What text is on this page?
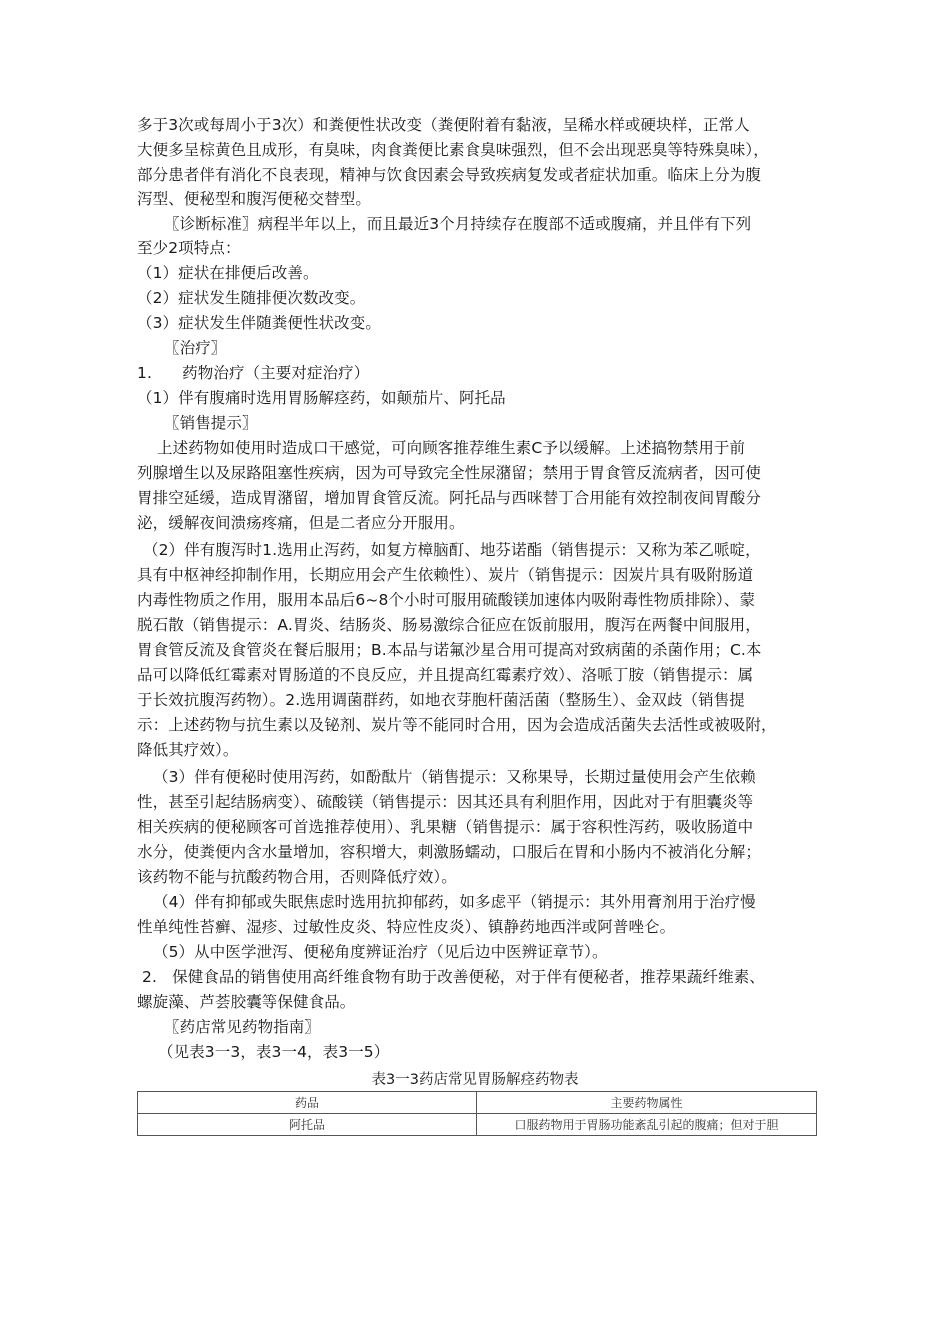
多于3次或每周小于3次）和粪便性状改变（粪便附着有黏液，呈稀水样或硬块样，正常人
大便多呈棕黄色且成形，有臭味，肉食粪便比素食臭味强烈，但不会出现恶臭等特殊臭味），
部分患者伴有消化不良表现，精神与饮食因素会导致疾病复发或者症状加重。临床上分为腹
泻型、便秘型和腹泻便秘交替型。
〖诊断标准〗病程半年以上，而且最近3个月持续存在腹部不适或腹痛，并且伴有下列
至少2项特点：
（1）症状在排便后改善。
（2）症状发生随排便次数改变。
（3）症状发生伴随粪便性状改变。
〖治疗〗
1.      药物治疗（主要对症治疗）
（1）伴有腹痛时选用胃肠解痉药，如颠茄片、阿托品
〖销售提示〗
上述药物如使用时造成口干感觉，可向顾客推荐维生素C予以缓解。上述搞物禁用于前
列腺增生以及尿路阻塞性疾病，因为可导致完全性尿潴留；禁用于胃食管反流病者，因可使
胃排空延缓，造成胃潴留，增加胃食管反流。阿托品与西咪替丁合用能有效控制夜间胃酸分
泌，缓解夜间溃疡疼痛，但是二者应分开服用。
（2）伴有腹泻时1.选用止泻药，如复方樟脑酊、地芬诺酯（销售提示：又称为苯乙哌啶，
具有中枢神经抑制作用，长期应用会产生依赖性）、炭片（销售提示：因炭片具有吸附肠道
内毒性物质之作用，服用本品后6~8个小时可服用硫酸镁加速体内吸附毒性物质排除）、蒙
脱石散（销售提示：A.胃炎、结肠炎、肠易激综合征应在饭前服用，腹泻在两餐中间服用，
胃食管反流及食管炎在餐后服用；B.本品与诺氟沙星合用可提高对致病菌的杀菌作用；C.本
品可以降低红霉素对胃肠道的不良反应，并且提高红霉素疗效）、洛哌丁胺（销售提示：属
于长效抗腹泻药物）。2.选用调菌群药，如地衣芽胞杆菌活菌（整肠生）、金双歧（销售提
示：上述药物与抗生素以及铋剂、炭片等不能同时合用，因为会造成活菌失去活性或被吸附，
降低其疗效）。
（3）伴有便秘时使用泻药，如酚酞片（销售提示：又称果导，长期过量使用会产生依赖
性，甚至引起结肠病变）、硫酸镁（销售提示：因其还具有利胆作用，因此对于有胆囊炎等
相关疾病的便秘顾客可首选推荐使用）、乳果糖（销售提示：属于容积性泻药，吸收肠道中
水分，使粪便内含水量增加，容积增大，刺激肠蠕动，口服后在胃和小肠内不被消化分解；
该药物不能与抗酸药物合用，否则降低疗效）。
（4）伴有抑郁或失眠焦虑时选用抗抑郁药，如多虑平（销提示：其外用膏剂用于治疗慢
性单纯性苔癣、湿疹、过敏性皮炎、特应性皮炎）、镇静药地西泮或阿普唑仑。
（5）从中医学泄泻、便秘角度辨证治疗（见后边中医辨证章节）。
2.   保健食品的销售使用高纤维食物有助于改善便秘，对于伴有便秘者，推荐果蔬纤维素、
螺旋藻、芦荟胶囊等保健食品。
〖药店常见药物指南〗
（见表3一3，表3一4，表3一5）
表3一3药店常见胃肠解痉药物表
药品	主要药物属性
阿托品	口服药物用于胃肠功能紊乱引起的腹痛；但对于胆
